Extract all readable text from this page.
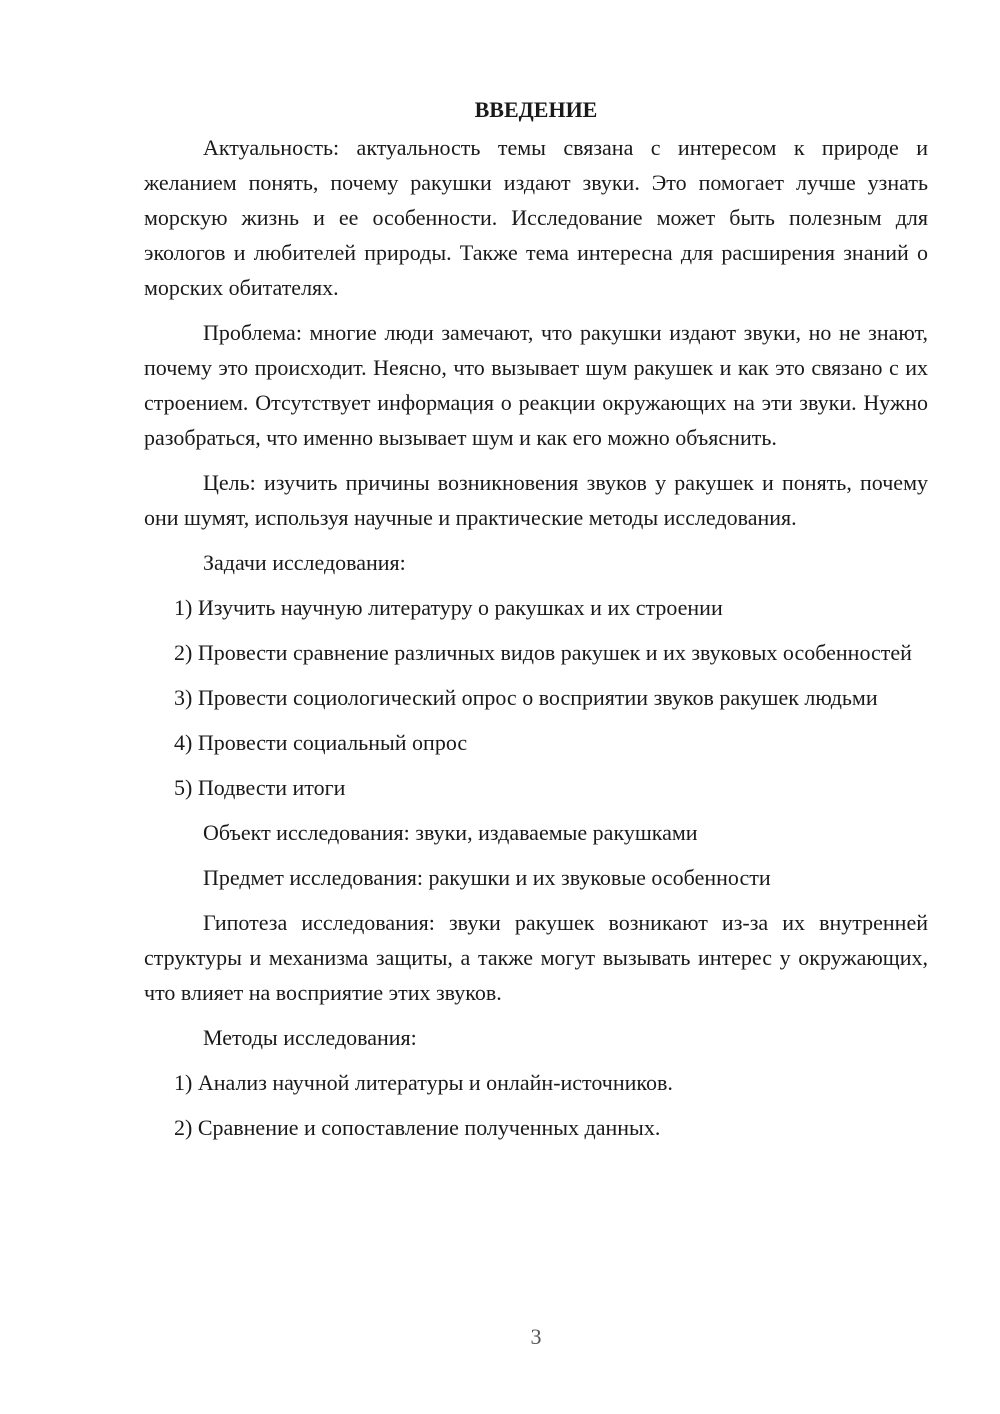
ВВЕДЕНИЕ

Актуальность: актуальность темы связана с интересом к природе и желанием понять, почему ракушки издают звуки. Это помогает лучше узнать морскую жизнь и ее особенности. Исследование может быть полезным для экологов и любителей природы. Также тема интересна для расширения знаний о морских обитателях.

Проблема: многие люди замечают, что ракушки издают звуки, но не знают, почему это происходит. Неясно, что вызывает шум ракушек и как это связано с их строением. Отсутствует информация о реакции окружающих на эти звуки. Нужно разобраться, что именно вызывает шум и как его можно объяснить.

Цель: изучить причины возникновения звуков у ракушек и понять, почему они шумят, используя научные и практические методы исследования.

Задачи исследования:

1) Изучить научную литературу о ракушках и их строении

2) Провести сравнение различных видов ракушек и их звуковых особенностей

3) Провести социологический опрос о восприятии звуков ракушек людьми

4) Провести социальный опрос

5) Подвести итоги

Объект исследования: звуки, издаваемые ракушками

Предмет исследования: ракушки и их звуковые особенности

Гипотеза исследования: звуки ракушек возникают из-за их внутренней структуры и механизма защиты, а также могут вызывать интерес у окружающих, что влияет на восприятие этих звуков.

Методы исследования:

1) Анализ научной литературы и онлайн-источников.

2) Сравнение и сопоставление полученных данных.

3
